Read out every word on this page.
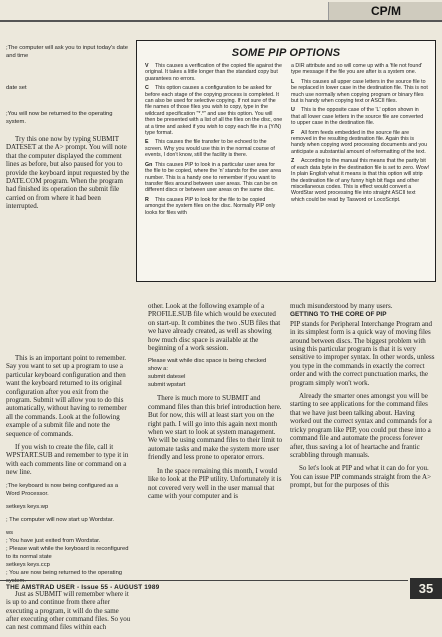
CP/M
;The computer will ask you to input today's date and time
date set
;You will now be returned to the operating system.

Try this one now by typing SUBMIT DATESET at the A> prompt. You will note that the computer displayed the comment lines as before, but also paused for you to provide the keyboard input requested by the DATE.COM program. When the program had finished its operation the submit file carried on from where it had been interrupted.

This is an important point to remember. Say you want to set up a program to use a particular keyboard configuration and then want the keyboard returned to its original configuration after you exit from the program. Submit will allow you to do this automatically, without having to remember all the commands. Look at the following example of a submit file and note the sequence of commands.

If you wish to create the file, call it WPSTART.SUB and remember to type it in with each comments line or command on a new line.

;The keyboard is now being configured as a Word Processor.
setkeys keys.wp
; The computer will now start up Wordstar.
ws
; You have just exited from Wordstar.
; Please wait while the keyboard is reconfigured to its normal state
setkeys keys.ccp
; You are now being returned to the operating

Just as SUBMIT will remember where it is up to and continue from there after executing a program, it will do the same after executing other command files. So you can nest command files within each

SOME PIP OPTIONS

V This causes a verification of the copied file against the original. It takes a little longer than the standard copy but guarantees no errors.

C This option causes a configuration to be asked for before each stage of the copying process is completed. It can also be used for selective copying. If not sure of the file names of those files you wish to copy, type in the wildcard specification "*.*" and use this option. You will then be presented with a list of all the files on the disc, one at a time and asked if you wish to copy each file in a (Y/N) type format.

E This causes the file transfer to be echoed to the screen. Why you would use this in the normal course of events, I don't know, still the facility is there.

Gn This causes PIP to look in a particular user area for the file to be copied, where the 'n' stands for the user area number. This is a handy one to remember if you want to transfer files around between user areas. This can be on different discs or between user areas on the same disc.

R This causes PIP to look for the file to be copied amongst the system files on the disc. Normally PIP only looks for files with

a DIR attribute and so will come up with a 'file not found' type message if the file you are after is a system one.

L This causes all upper case letters in the source file to be replaced in lower case in the destination file. This is not much use normally when copying program or binary files but is handy when copying text or ASCII files.

U This is the opposite case of the 'L' option shown in that all lower case letters in the source file are converted to upper case in the destination file.

F All form feeds embedded in the source file are removed in the resulting destination file. Again this is handy when copying word processing documents and you anticipate a substantial amount of reformatting of the text.

Z According to the manual this means that the parity bit of each data byte in the destination file is set to zero. Wow! In plain English what it means is that this option will strip the destination file of any funny high bit flags and other miscellaneous codes. This is effect would convert a WordStar word processing file into straight ASCII text which could be read by Tasword or LocoScript.

other. Look at the following example of a PROFILE.SUB file which would be executed on start-up. It combines the two .SUB files that we have already created, as well as showing how much disc space is available at the beginning of a work session.

Please wait while disc space is being checked
show a:
submit datesel
submit wpstart

There is much more to SUBMIT and command files than this brief introduction here. But for now, this will at least start you on the right path. I will go into this again next month when we start to look at system management. We will be using command files to their limit to automate tasks and make the system more user friendly and less prone to operator errors.

In the space remaining this month, I would like to look at the PIP utility. Unfortunately it is not covered very well in the user manual that came with your computer and is

much misunderstood by many users.

GETTING TO THE CORE OF PIP

PIP stands for Peripheral Interchange Program and in its simplest form is a quick way of moving files around between discs. The biggest problem with using this particular program is that it is very sensitive to improper syntax. In other words, unless you type in the commands in exactly the correct order and with the correct punctuation marks, the program simply won't work.

Already the smarter ones amongst you will be starting to see applications for the command files that we have just been talking about. Having worked out the correct syntax and commands for a tricky program like PIP, you could put these into a command file and automate the process forever after, thus saving a lot of heartache and frantic scrabbling through manuals.

So let's look at PIP and what it can do for you. You can issue PIP commands straight from the A> prompt, but for the purposes of this

THE AMSTRAD USER - Issue 55 - AUGUST 1989	35
